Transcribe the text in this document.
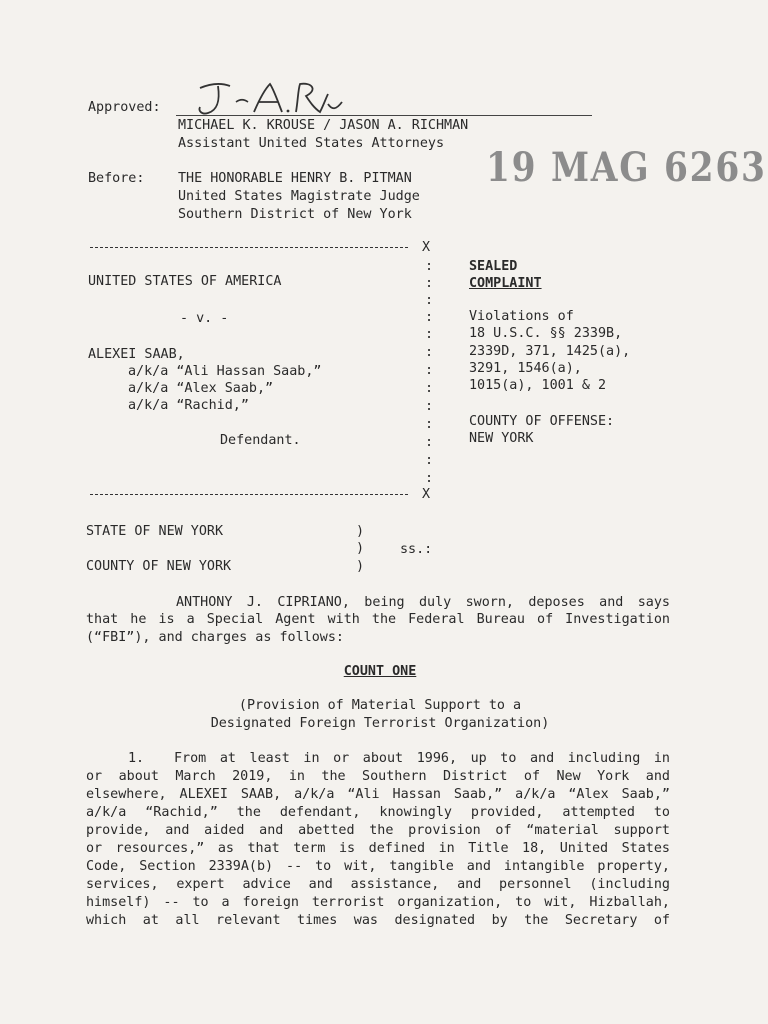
Approved:
MICHAEL K. KROUSE / JASON A. RICHMAN
Assistant United States Attorneys
19 MAG 6263
Before:	THE HONORABLE HENRY B. PITMAN
United States Magistrate Judge
Southern District of New York
X
:
:
:
:
:
:
:
:
:
:
:
:
:
UNITED STATES OF AMERICA
- v. -
ALEXEI SAAB,
a/k/a “Ali Hassan Saab,”
a/k/a “Alex Saab,”
a/k/a “Rachid,”
Defendant.
X
SEALED
COMPLAINT
Violations of
18 U.S.C. §§ 2339B,
2339D, 371, 1425(a),
3291, 1546(a),
1015(a), 1001 & 2
COUNTY OF OFFENSE:
NEW YORK
STATE OF NEW YORK
COUNTY OF NEW YORK
)
)
)
ss.:
ANTHONY J. CIPRIANO, being duly sworn, deposes and says
that he is a Special Agent with the Federal Bureau of Investigation
(“FBI”), and charges as follows:
COUNT ONE
(Provision of Material Support to a
Designated Foreign Terrorist Organization)
1. From at least in or about 1996, up to and including in
or about March 2019, in the Southern District of New York and
elsewhere, ALEXEI SAAB, a/k/a “Ali Hassan Saab,” a/k/a “Alex Saab,”
a/k/a “Rachid,” the defendant, knowingly provided, attempted to
provide, and aided and abetted the provision of “material support
or resources,” as that term is defined in Title 18, United States
Code, Section 2339A(b) -- to wit, tangible and intangible property,
services, expert advice and assistance, and personnel (including
himself) -- to a foreign terrorist organization, to wit, Hizballah,
which at all relevant times was designated by the Secretary of
